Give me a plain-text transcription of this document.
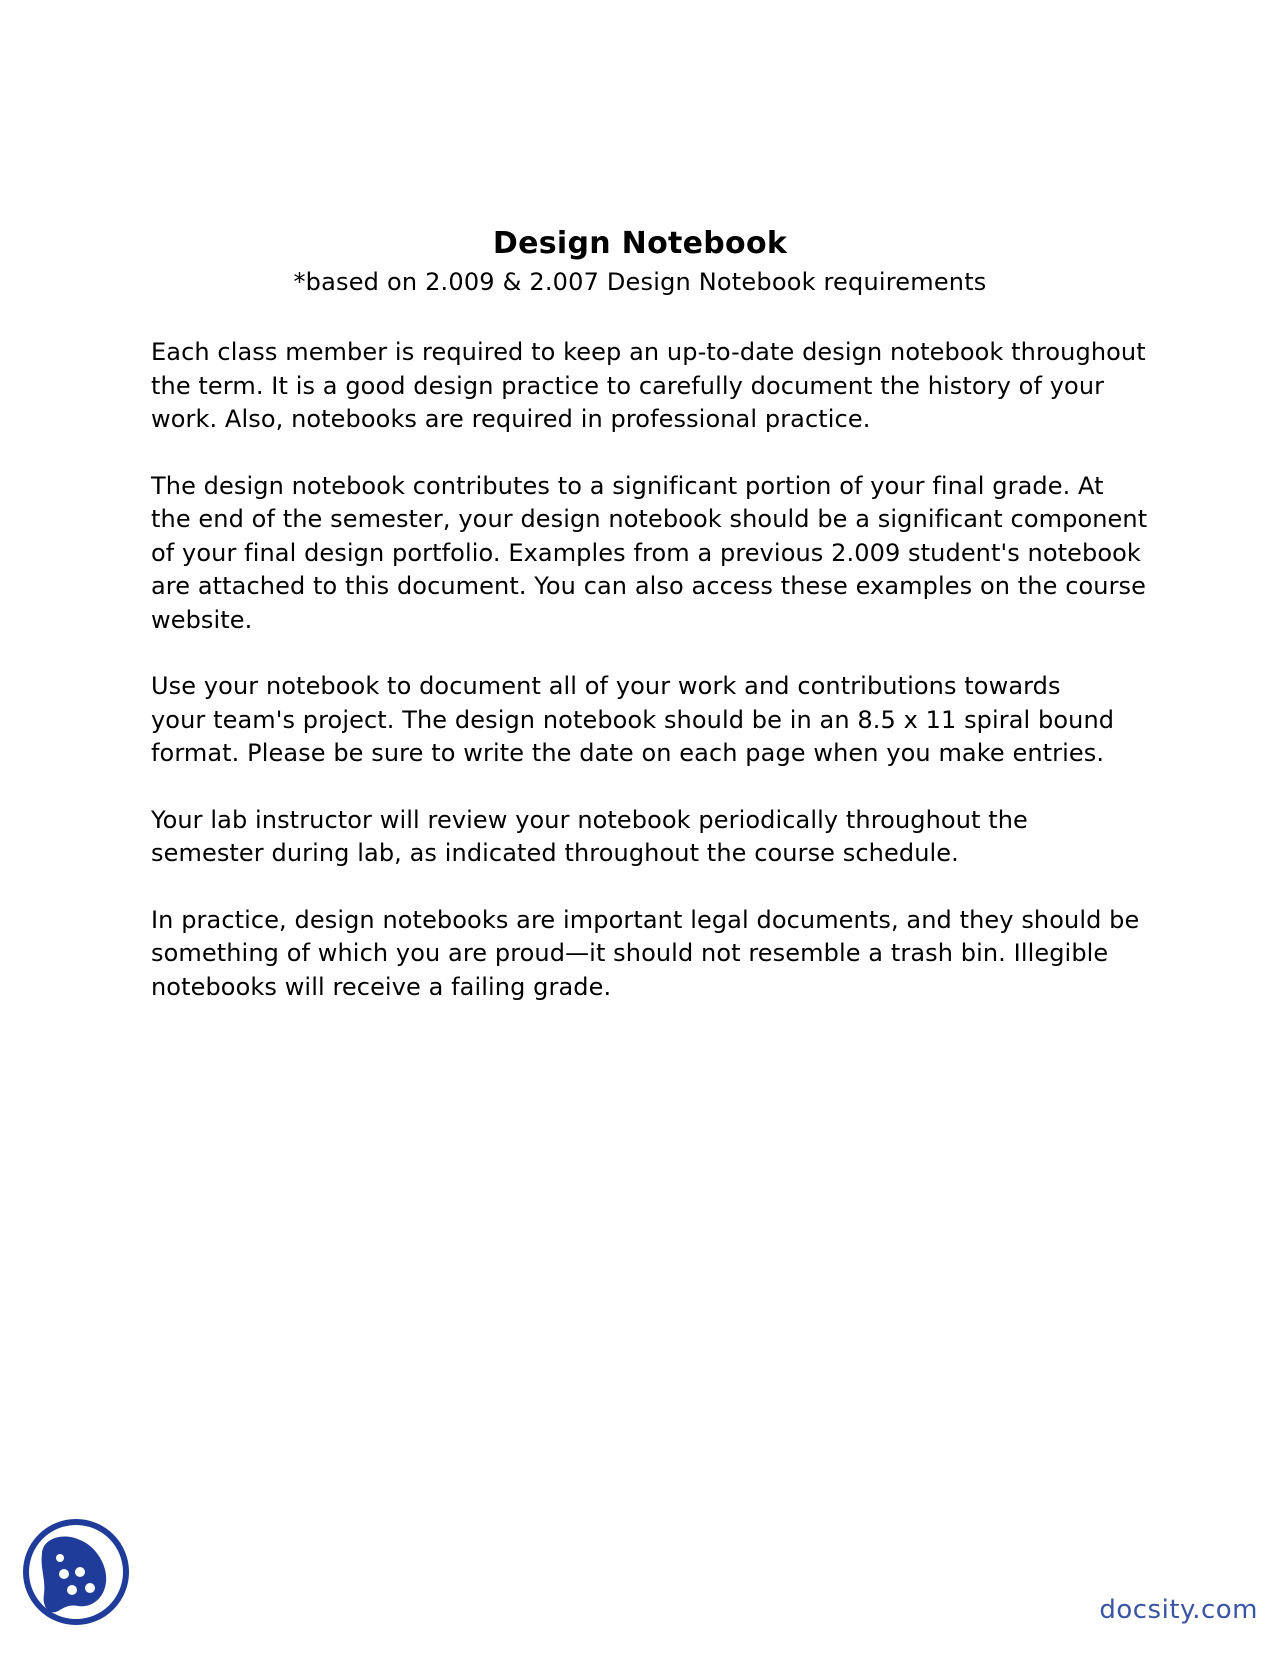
Design Notebook
*based on 2.009 & 2.007 Design Notebook requirements
Each class member is required to keep an up-to-date design notebook throughout
the term. It is a good design practice to carefully document the history of your
work. Also, notebooks are required in professional practice.
The design notebook contributes to a significant portion of your final grade. At
the end of the semester, your design notebook should be a significant component
of your final design portfolio. Examples from a previous 2.009 student's notebook
are attached to this document. You can also access these examples on the course
website.
Use your notebook to document all of your work and contributions towards
your team's project. The design notebook should be in an 8.5 x 11 spiral bound
format. Please be sure to write the date on each page when you make entries.
Your lab instructor will review your notebook periodically throughout the
semester during lab, as indicated throughout the course schedule.
In practice, design notebooks are important legal documents, and they should be
something of which you are proud—it should not resemble a trash bin. Illegible
notebooks will receive a failing grade.
docsity.com
